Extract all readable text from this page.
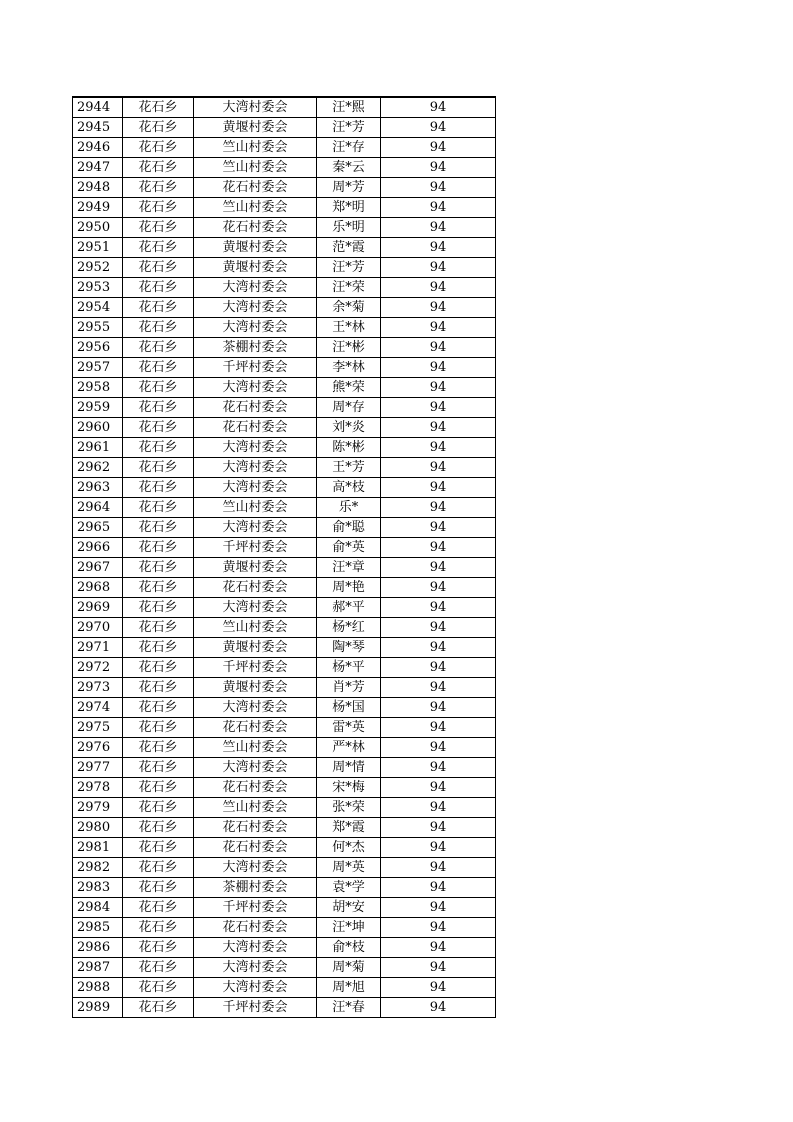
2944	花石乡	大湾村委会	汪*熙	94
2945	花石乡	黄堰村委会	汪*芳	94
2946	花石乡	竺山村委会	汪*存	94
2947	花石乡	竺山村委会	秦*云	94
2948	花石乡	花石村委会	周*芳	94
2949	花石乡	竺山村委会	郑*明	94
2950	花石乡	花石村委会	乐*明	94
2951	花石乡	黄堰村委会	范*霞	94
2952	花石乡	黄堰村委会	汪*芳	94
2953	花石乡	大湾村委会	汪*荣	94
2954	花石乡	大湾村委会	余*菊	94
2955	花石乡	大湾村委会	王*林	94
2956	花石乡	茶棚村委会	汪*彬	94
2957	花石乡	千坪村委会	李*林	94
2958	花石乡	大湾村委会	熊*荣	94
2959	花石乡	花石村委会	周*存	94
2960	花石乡	花石村委会	刘*炎	94
2961	花石乡	大湾村委会	陈*彬	94
2962	花石乡	大湾村委会	王*芳	94
2963	花石乡	大湾村委会	高*枝	94
2964	花石乡	竺山村委会	乐*	94
2965	花石乡	大湾村委会	俞*聪	94
2966	花石乡	千坪村委会	俞*英	94
2967	花石乡	黄堰村委会	汪*章	94
2968	花石乡	花石村委会	周*艳	94
2969	花石乡	大湾村委会	郝*平	94
2970	花石乡	竺山村委会	杨*红	94
2971	花石乡	黄堰村委会	陶*琴	94
2972	花石乡	千坪村委会	杨*平	94
2973	花石乡	黄堰村委会	肖*芳	94
2974	花石乡	大湾村委会	杨*国	94
2975	花石乡	花石村委会	雷*英	94
2976	花石乡	竺山村委会	严*林	94
2977	花石乡	大湾村委会	周*情	94
2978	花石乡	花石村委会	宋*梅	94
2979	花石乡	竺山村委会	张*荣	94
2980	花石乡	花石村委会	郑*霞	94
2981	花石乡	花石村委会	何*杰	94
2982	花石乡	大湾村委会	周*英	94
2983	花石乡	茶棚村委会	袁*学	94
2984	花石乡	千坪村委会	胡*安	94
2985	花石乡	花石村委会	汪*坤	94
2986	花石乡	大湾村委会	俞*枝	94
2987	花石乡	大湾村委会	周*菊	94
2988	花石乡	大湾村委会	周*旭	94
2989	花石乡	千坪村委会	汪*春	94
